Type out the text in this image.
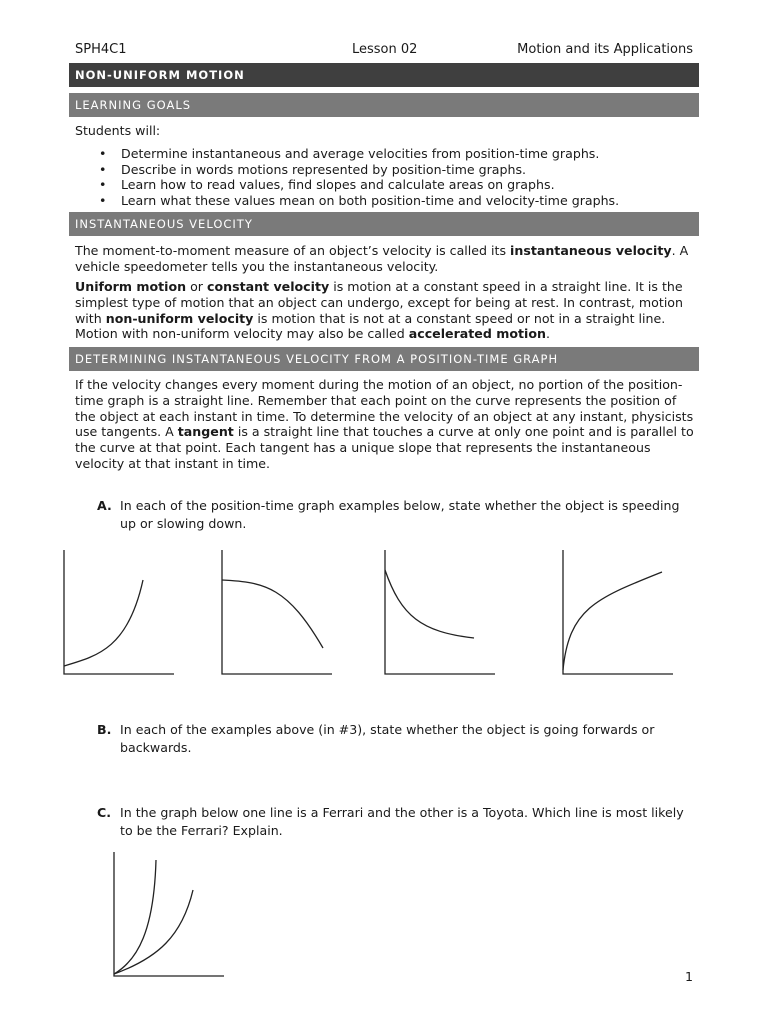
SPH4C1	Lesson 02	Motion and its Applications
NON-UNIFORM MOTION
LEARNING GOALS
Students will:
• Determine instantaneous and average velocities from position-time graphs.
• Describe in words motions represented by position-time graphs.
• Learn how to read values, find slopes and calculate areas on graphs.
• Learn what these values mean on both position-time and velocity-time graphs.
INSTANTANEOUS VELOCITY
The moment-to-moment measure of an object’s velocity is called its instantaneous velocity. A vehicle speedometer tells you the instantaneous velocity.
Uniform motion or constant velocity is motion at a constant speed in a straight line. It is the simplest type of motion that an object can undergo, except for being at rest. In contrast, motion with non-uniform velocity is motion that is not at a constant speed or not in a straight line. Motion with non-uniform velocity may also be called accelerated motion.
DETERMINING INSTANTANEOUS VELOCITY FROM A POSITION-TIME GRAPH
If the velocity changes every moment during the motion of an object, no portion of the position-time graph is a straight line. Remember that each point on the curve represents the position of the object at each instant in time. To determine the velocity of an object at any instant, physicists use tangents. A tangent is a straight line that touches a curve at only one point and is parallel to the curve at that point. Each tangent has a unique slope that represents the instantaneous velocity at that instant in time.
A. In each of the position-time graph examples below, state whether the object is speeding up or slowing down.
B. In each of the examples above (in #3), state whether the object is going forwards or backwards.
C. In the graph below one line is a Ferrari and the other is a Toyota. Which line is most likely to be the Ferrari? Explain.
1
